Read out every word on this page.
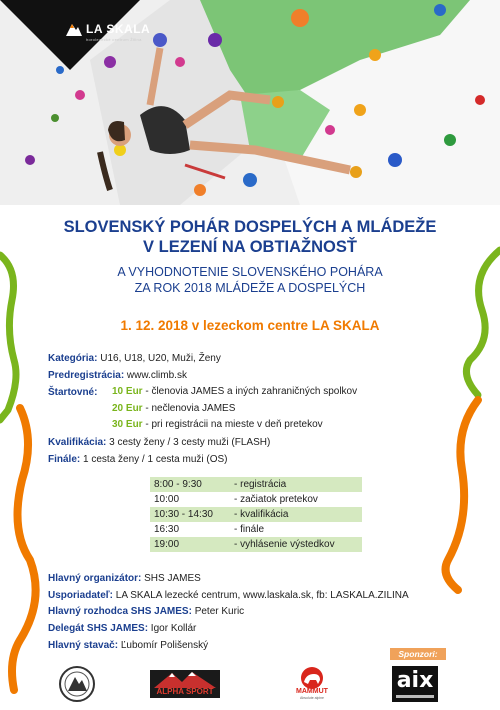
LA SKALA
horolezecké centrum Žilina
SLOVENSKÝ POHÁR DOSPELÝCH A MLÁDEŽE
V LEZENÍ NA OBTIAŽNOSŤ
A VYHODNOTENIE SLOVENSKÉHO POHÁRA
ZA ROK 2018 MLÁDEŽE A DOSPELÝCH
1. 12. 2018 v lezeckom centre LA SKALA
Kategória: U16, U18, U20, Muži, Ženy
Predregistrácia: www.climb.sk
Štartovné: 10 Eur - členovia JAMES a iných zahraničných spolkov
20 Eur - nečlenovia JAMES
30 Eur - pri registrácii na mieste v deň pretekov
Kvalifikácia: 3 cesty ženy / 3 cesty muži (FLASH)
Finále: 1 cesta ženy / 1 cesta muži (OS)
8:00 - 9:30	- registrácia
10:00	- začiatok pretekov
10:30 - 14:30 - kvalifikácia
16:30	- finále
19:00	- vyhlásenie výstedkov
Hlavný organizátor: SHS JAMES
Usporiadateľ: LA SKALA lezecké centrum, www.laskala.sk, fb: LASKALA.ZILINA
Hlavný rozhodca SHS JAMES: Peter Kuric
Delegát SHS JAMES: Igor Kollár
Hlavný stavač: Ľubomír Polišenský
Sponzori:
ALPHA SPORT	MAMMUT
Absolute alpine
aix
